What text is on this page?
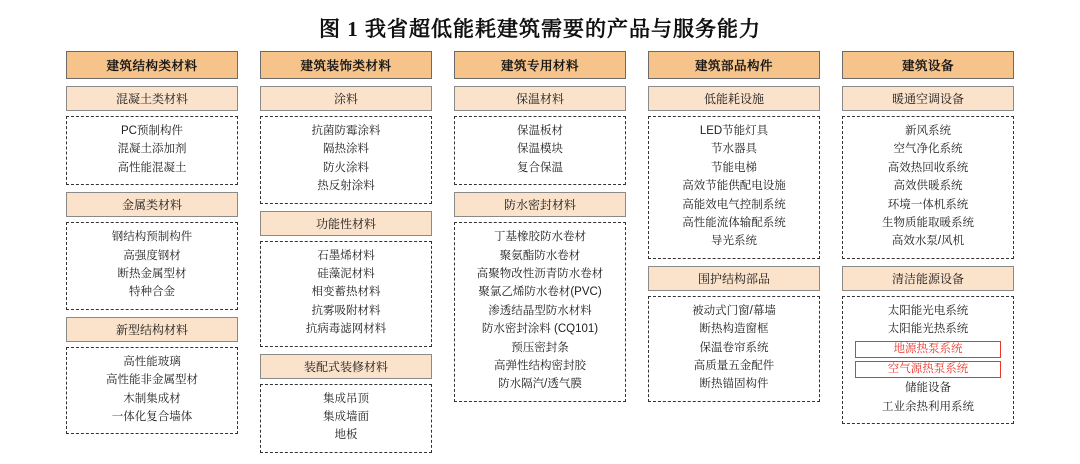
图 1 我省超低能耗建筑需要的产品与服务能力
建筑结构类材料
混凝土类材料
PC预制构件
混凝土添加剂
高性能混凝土
金属类材料
钢结构预制构件
高强度钢材
断热金属型材
特种合金
新型结构材料
高性能玻璃
高性能非金属型材
木制集成材
一体化复合墙体
建筑装饰类材料
涂料
抗菌防霉涂料
隔热涂料
防火涂料
热反射涂料
功能性材料
石墨烯材料
硅藻泥材料
相变蓄热材料
抗雾吸附材料
抗病毒滤网材料
装配式装修材料
集成吊顶
集成墙面
地板
建筑专用材料
保温材料
保温板材
保温模块
复合保温
防水密封材料
丁基橡胶防水卷材
聚氨酯防水卷材
高聚物改性沥青防水卷材
聚氯乙烯防水卷材(PVC)
渗透结晶型防水材料
防水密封涂料 (CQ101)
预压密封条
高弹性结构密封胶
防水隔汽/透气膜
建筑部品构件
低能耗设施
LED节能灯具
节水器具
节能电梯
高效节能供配电设施
高能效电气控制系统
高性能流体输配系统
导光系统
围护结构部品
被动式门窗/幕墙
断热构造窗框
保温卷帘系统
高质量五金配件
断热锚固构件
建筑设备
暖通空调设备
新风系统
空气净化系统
高效热回收系统
高效供暖系统
环境一体机系统
生物质能取暖系统
高效水泵/风机
清洁能源设备
太阳能光电系统
太阳能光热系统
地源热泵系统
空气源热泵系统
储能设备
工业余热利用系统
